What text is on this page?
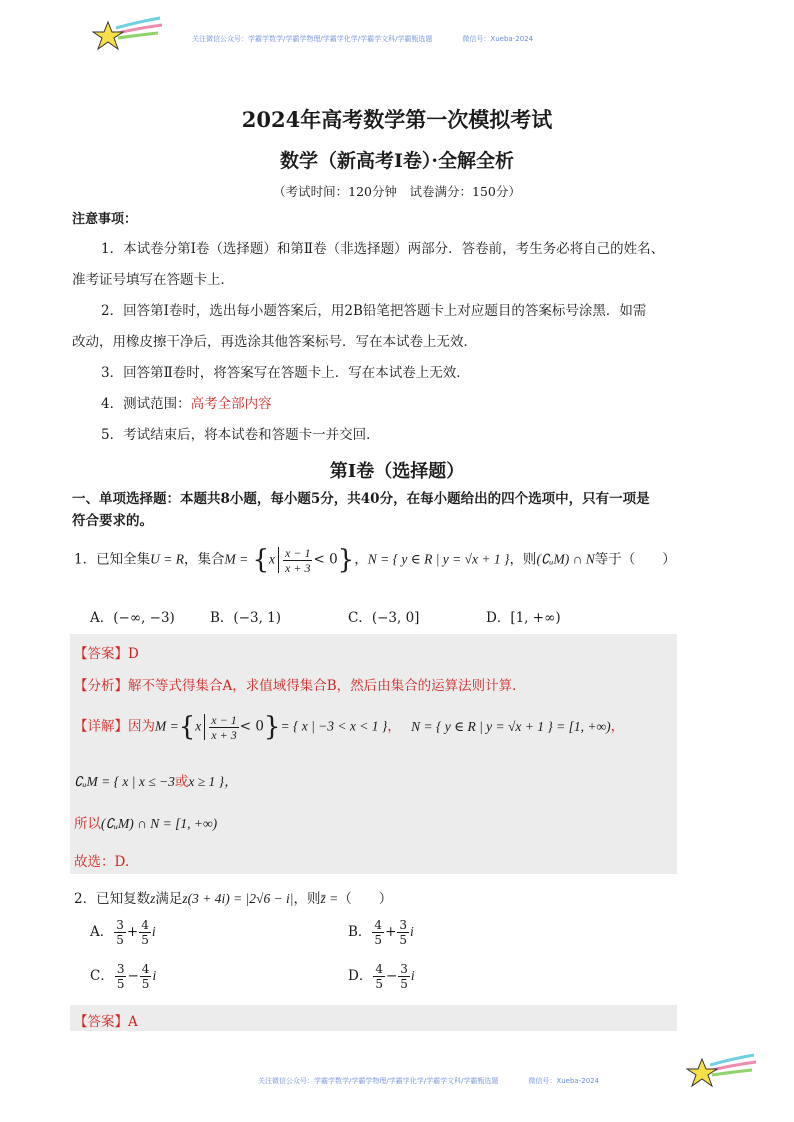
关注微信公众号：学霸学数学/学霸学物理/学霸学化学/学霸学文科/学霸甄选题	微信号：Xueba-2024
2024年高考数学第一次模拟考试
数学（新高考I卷）·全解全析
（考试时间：120分钟　试卷满分：150分）
注意事项：
1．本试卷分第Ⅰ卷（选择题）和第Ⅱ卷（非选择题）两部分．答卷前，考生务必将自己的姓名、
准考证号填写在答题卡上．
2．回答第Ⅰ卷时，选出每小题答案后，用2B铅笔把答题卡上对应题目的答案标号涂黑．如需
改动，用橡皮擦干净后，再选涂其他答案标号．写在本试卷上无效．
3．回答第Ⅱ卷时，将答案写在答题卡上．写在本试卷上无效．
4．测试范围：高考全部内容
5．考试结束后，将本试卷和答题卡一并交回．
第I卷（选择题）
一、单项选择题：本题共8小题，每小题5分，共40分，在每小题给出的四个选项中，只有一项是
符合要求的。
1．已知全集U = R，集合$M = \{x \frac{x - 1}{x + 3} < 0\}$，N = { y ∈ R | y = √x + 1 }，则(∁ᵤM) ∩ N等于（　　）
A．(−∞, −3)	B．(−3, 1)	C．(−3, 0]	D．[1, +∞)
【答案】D
【分析】解不等式得集合A，求值域得集合B，然后由集合的运算法则计算．
【详解】因为$M =\{x \frac{x - 1}{x + 3} < 0\}=$ { x | −3 < x < 1 }， N = { y ∈ R | y = √x + 1 } = [1, +∞)，
∁ᵤM = { x | x ≤ −3或x ≥ 1 }，
所以(∁ᵤM) ∩ N = [1, +∞)
故选：D.
2．已知复数z满足z(3 + 4i) = |2√6 − i|，则z̄ =（　　）
A． $\frac{3}{5} + \frac{4}{5}$ i	B． $\frac{4}{5} + \frac{3}{5}$ i
C． $\frac{3}{5} - \frac{4}{5}$ i	D． $\frac{4}{5} - \frac{3}{5}$ i
【答案】A
关注微信公众号：学霸学数学/学霸学物理/学霸学化学/学霸学文科/学霸甄选题	微信号：Xueba-2024
